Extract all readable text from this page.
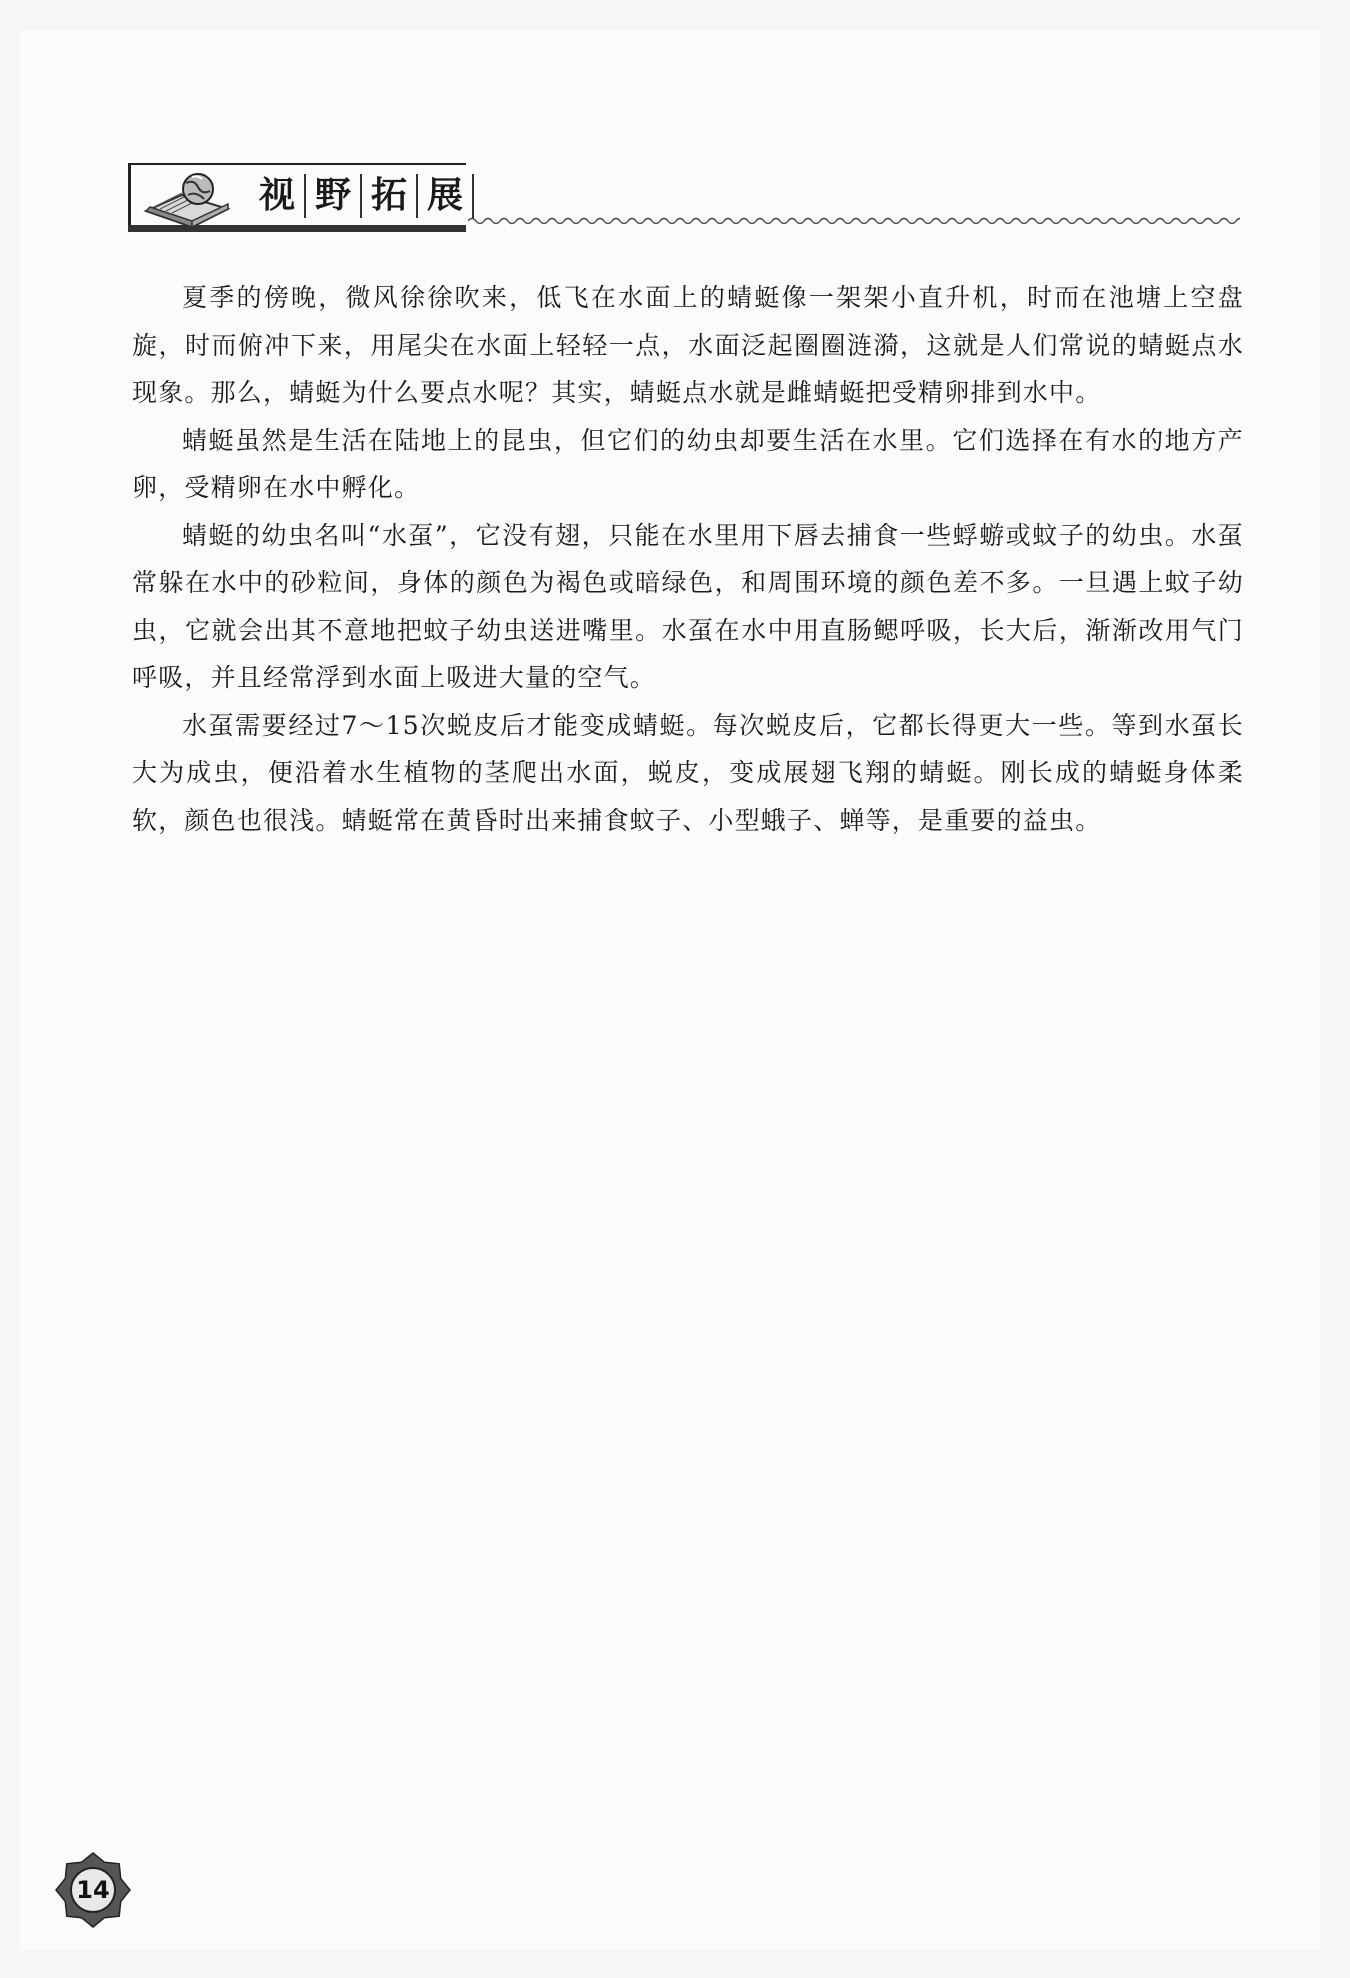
视 野 拓 展

夏季的傍晚，微风徐徐吹来，低飞在水面上的蜻蜓像一架架小直升机，时而在池塘上空盘旋，时而俯冲下来，用尾尖在水面上轻轻一点，水面泛起圈圈涟漪，这就是人们常说的蜻蜓点水现象。那么，蜻蜓为什么要点水呢？其实，蜻蜓点水就是雌蜻蜓把受精卵排到水中。

蜻蜓虽然是生活在陆地上的昆虫，但它们的幼虫却要生活在水里。它们选择在有水的地方产卵，受精卵在水中孵化。

蜻蜓的幼虫名叫“水虿”，它没有翅，只能在水里用下唇去捕食一些蜉蝣或蚊子的幼虫。水虿常躲在水中的砂粒间，身体的颜色为褐色或暗绿色，和周围环境的颜色差不多。一旦遇上蚊子幼虫，它就会出其不意地把蚊子幼虫送进嘴里。水虿在水中用直肠鳃呼吸，长大后，渐渐改用气门呼吸，并且经常浮到水面上吸进大量的空气。

水虿需要经过7～15次蜕皮后才能变成蜻蜓。每次蜕皮后，它都长得更大一些。等到水虿长大为成虫，便沿着水生植物的茎爬出水面，蜕皮，变成展翅飞翔的蜻蜓。刚长成的蜻蜓身体柔软，颜色也很浅。蜻蜓常在黄昏时出来捕食蚊子、小型蛾子、蝉等，是重要的益虫。

14
